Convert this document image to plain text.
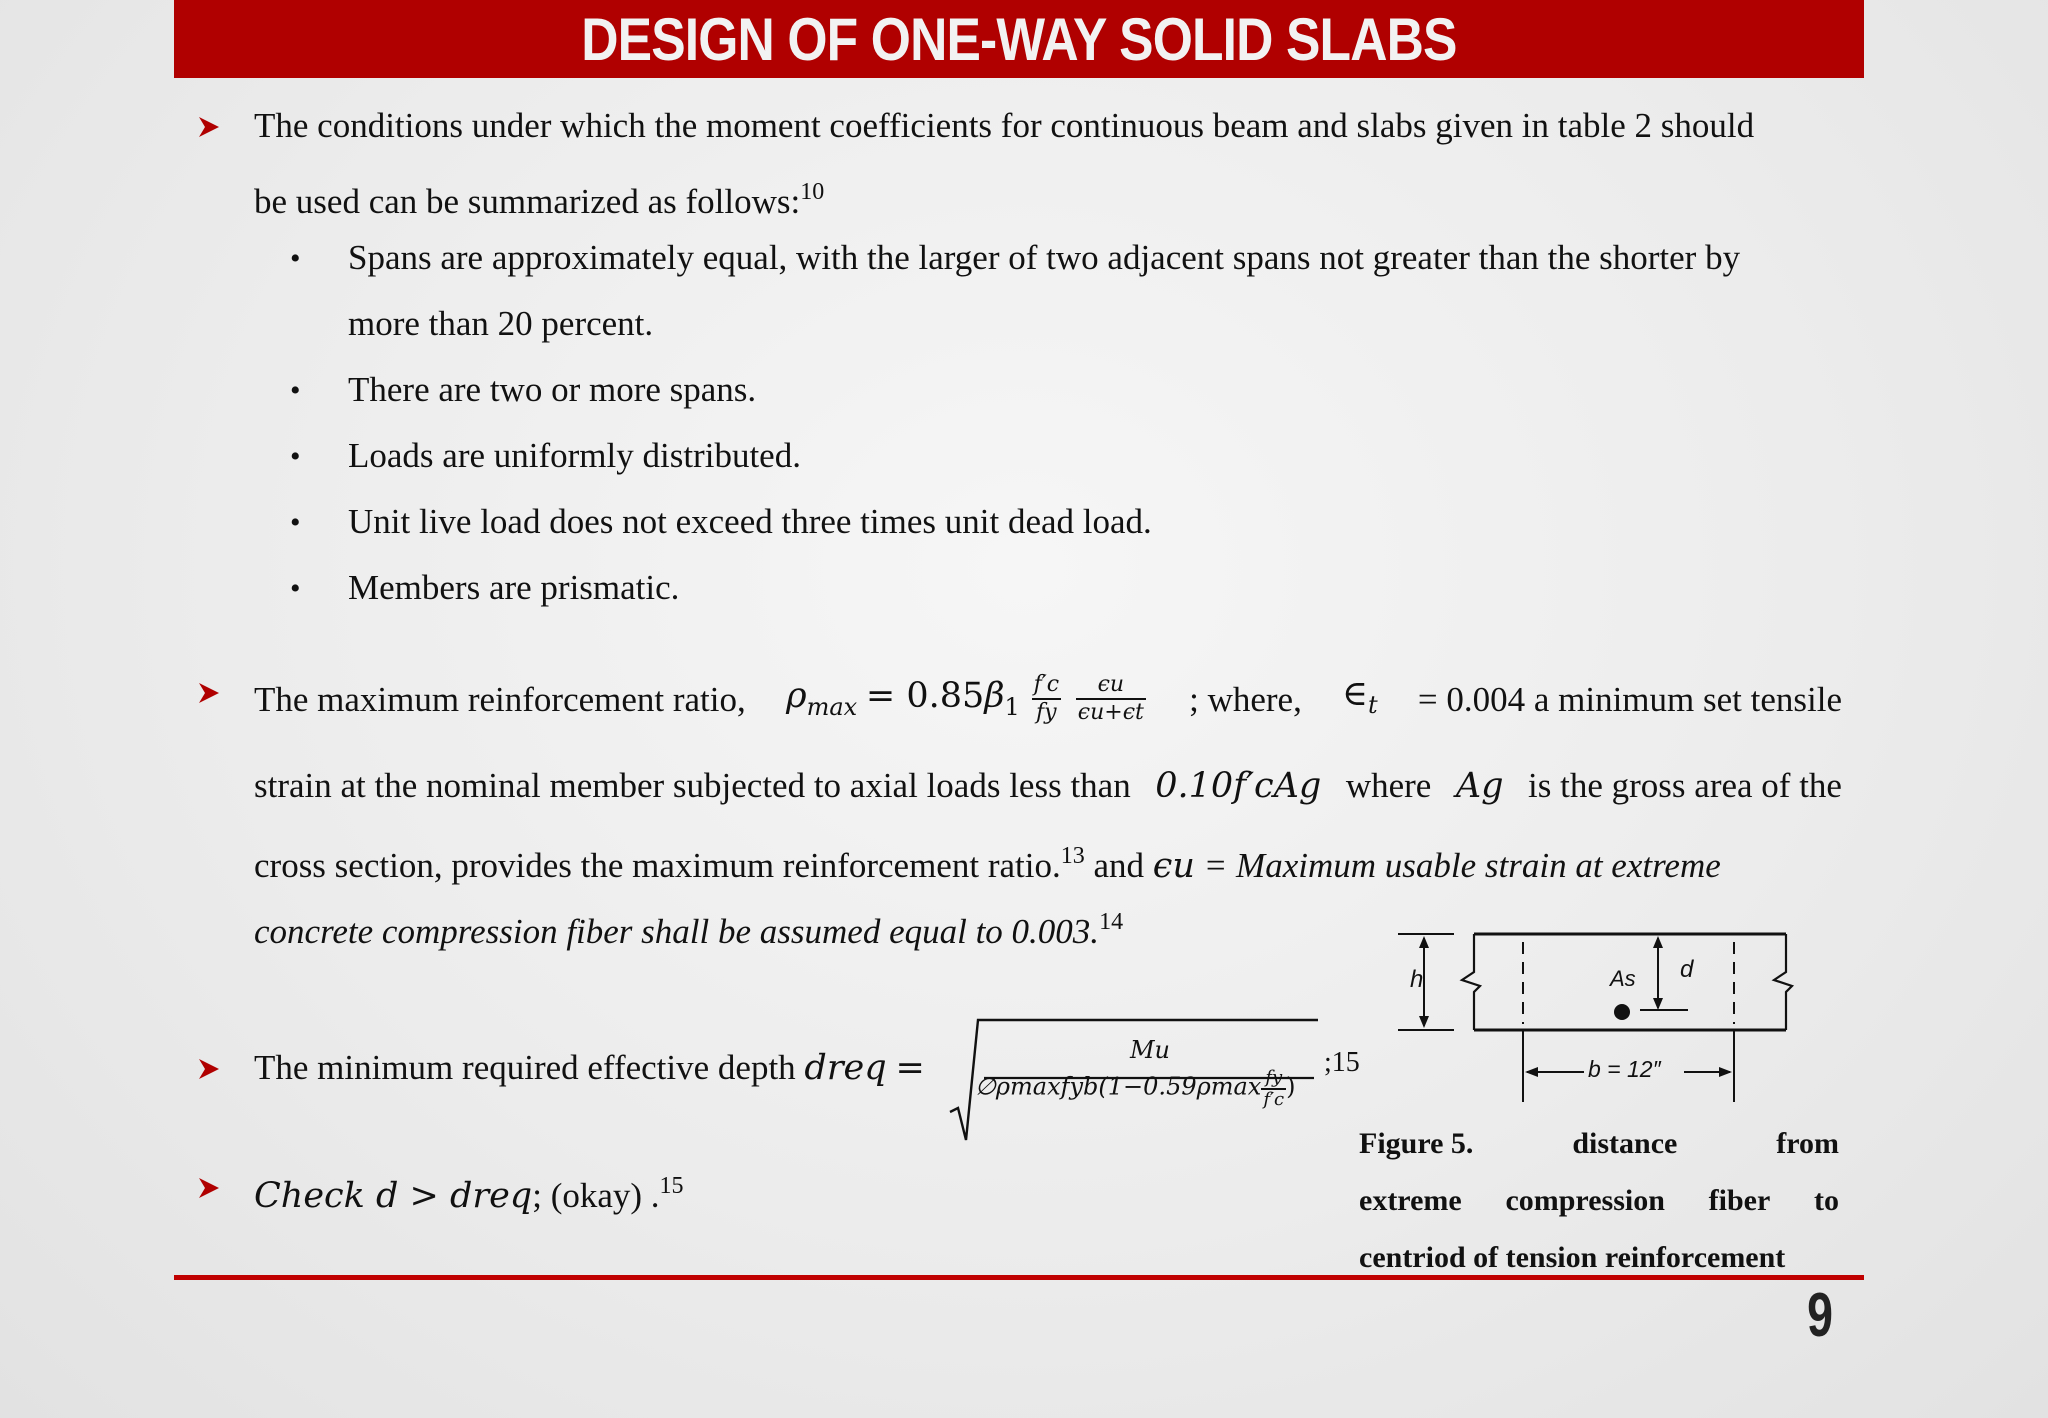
DESIGN OF ONE-WAY SOLID SLABS
The conditions under which the moment coefficients for continuous beam and slabs given in table 2 should
be used can be summarized as follows:$^{10}$
• Spans are approximately equal, with the larger of two adjacent spans not greater than the shorter by
more than 20 percent.
• There are two or more spans.
• Loads are uniformly distributed.
• Unit live load does not exceed three times unit dead load.
• Members are prismatic.
The maximum reinforcement ratio, $\rho_{max} = 0.85\beta_1 \frac{f'c}{fy}$
$\frac{\epsilon u}{\epsilon u+\epsilon t}$ ; where, $\in_t = 0.004$ a minimum set tensile
strain at the nominal member subjected to axial loads less than 0.10f′cAg where Ag is the gross area of the
cross section, provides the maximum reinforcement ratio.$^{13}$ and ϵu = Maximum usable strain at extreme
concrete compression fiber shall be assumed equal to 0.003.14
The minimum required effective depth dreq =	Mu
∅ρmaxfyb(1−0.59ρmax $\frac{fy}{f'c}$ )
;15
Check d > dreq; (okay) .$^{15}$
h	d
As
b = 12″
Figure 5.	distance	from
extreme compression fiber to
centriod of tension reinforcement
9
